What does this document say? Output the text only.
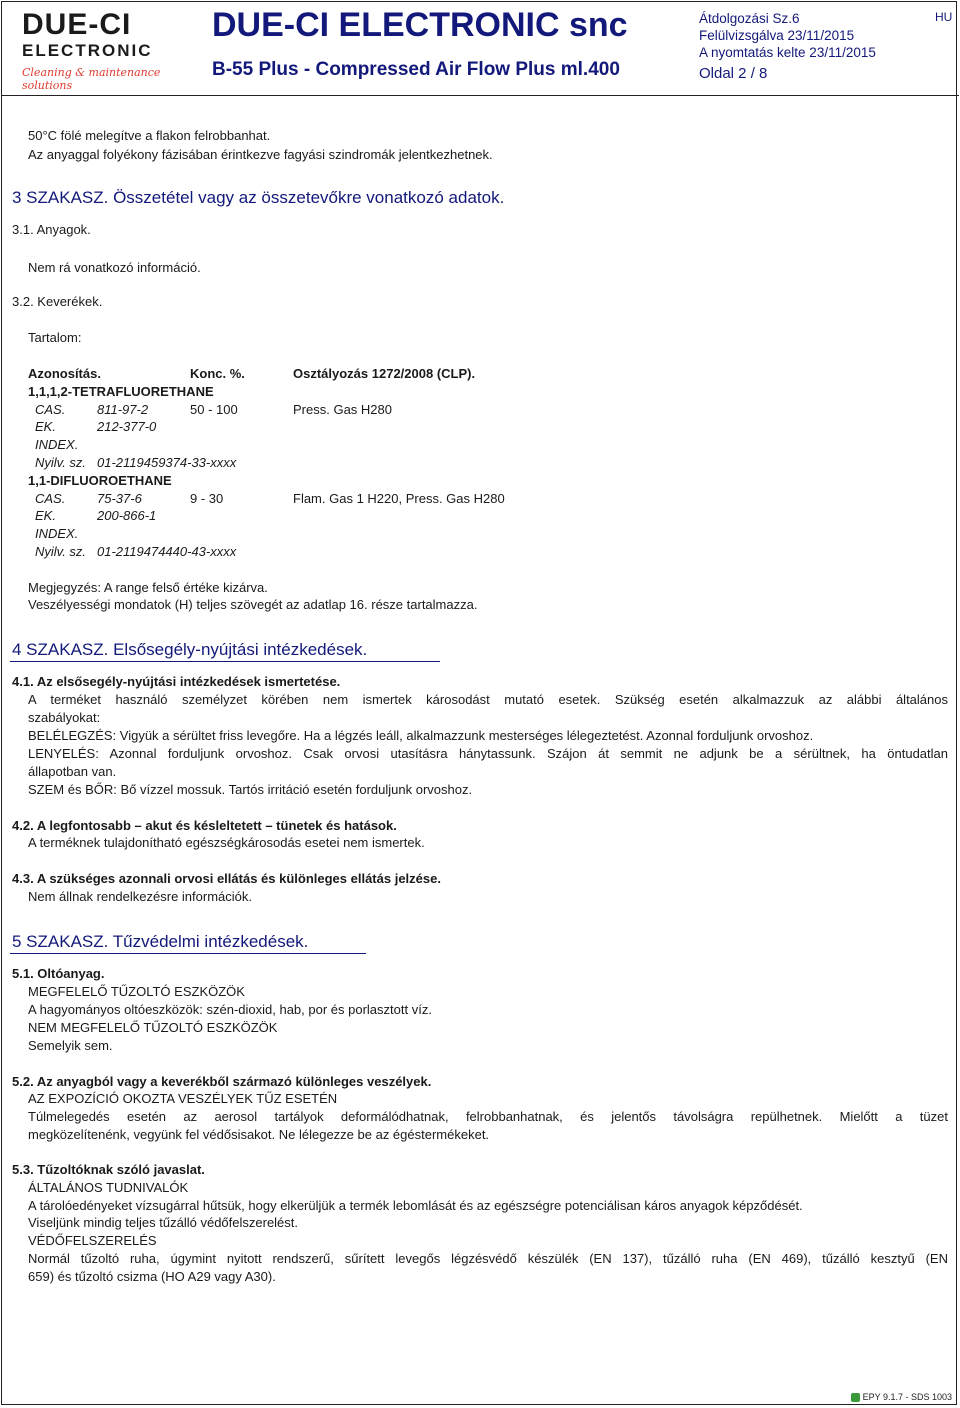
DUE-CI
ELECTRONIC
Cleaning & maintenance solutions
DUE-CI ELECTRONIC snc
B-55 Plus - Compressed Air Flow Plus ml.400
Átdolgozási Sz.6
Felülvizsgálva 23/11/2015
A nyomtatás kelte 23/11/2015
Oldal 2 / 8
HU
50°C fölé melegítve a flakon felrobbanhat.
Az anyaggal folyékony fázisában érintkezve fagyási szindromák jelentkezhetnek.
3 SZAKASZ. Összetétel vagy az összetevőkre vonatkozó adatok.
3.1. Anyagok.
Nem rá vonatkozó információ.
3.2. Keverékek.
Tartalom:
Azonosítás.	Konc. %.	Osztályozás 1272/2008 (CLP).
1,1,1,2-TETRAFLUORETHANE
CAS. 811-97-2	50 - 100	Press. Gas H280
EK.	212-377-0
INDEX.
Nyilv. sz. 01-2119459374-33-xxxx
1,1-DIFLUOROETHANE
CAS. 75-37-6	9 - 30	Flam. Gas 1 H220, Press. Gas H280
EK.	200-866-1
INDEX.
Nyilv. sz. 01-2119474440-43-xxxx
Megjegyzés: A range felső értéke kizárva.
Veszélyességi mondatok (H) teljes szövegét az adatlap 16. része tartalmazza.
4 SZAKASZ. Elsősegély-nyújtási intézkedések.
4.1. Az elsősegély-nyújtási intézkedések ismertetése.
A terméket használó személyzet körében nem ismertek károsodást mutató esetek. Szükség esetén alkalmazzuk az alábbi általános
szabályokat:
BELÉLEGZÉS: Vigyük a sérültet friss levegőre. Ha a légzés leáll, alkalmazzunk mesterséges lélegeztetést. Azonnal forduljunk orvoshoz.
LENYELÉS: Azonnal forduljunk orvoshoz. Csak orvosi utasításra hánytassunk. Szájon át semmit ne adjunk be a sérültnek, ha öntudatlan
állapotban van.
SZEM és BŐR: Bő vízzel mossuk. Tartós irritáció esetén forduljunk orvoshoz.
4.2. A legfontosabb – akut és késleltetett – tünetek és hatások.
A terméknek tulajdonítható egészségkárosodás esetei nem ismertek.
4.3. A szükséges azonnali orvosi ellátás és különleges ellátás jelzése.
Nem állnak rendelkezésre információk.
5 SZAKASZ. Tűzvédelmi intézkedések.
5.1. Oltóanyag.
MEGFELELŐ TŰZOLTÓ ESZKÖZÖK
A hagyományos oltóeszközök: szén-dioxid, hab, por és porlasztott víz.
NEM MEGFELELŐ TŰZOLTÓ ESZKÖZÖK
Semelyik sem.
5.2. Az anyagból vagy a keverékből származó különleges veszélyek.
AZ EXPOZÍCIÓ OKOZTA VESZÉLYEK TŰZ ESETÉN
Túlmelegedés esetén az aerosol tartályok deformálódhatnak, felrobbanhatnak, és jelentős távolságra repülhetnek. Mielőtt a tüzet
megközelítenénk, vegyünk fel védősisakot. Ne lélegezze be az égéstermékeket.
5.3. Tűzoltóknak szóló javaslat.
ÁLTALÁNOS TUDNIVALÓK
A tárolóedényeket vízsugárral hűtsük, hogy elkerüljük a termék lebomlását és az egészségre potenciálisan káros anyagok képződését.
Viseljünk mindig teljes tűzálló védőfelszerelést.
VÉDŐFELSZERELÉS
Normál tűzoltó ruha, úgymint nyitott rendszerű, sűrített levegős légzésvédő készülék (EN 137), tűzálló ruha (EN 469), tűzálló kesztyű (EN
659) és tűzoltó csizma (HO A29 vagy A30).
EPY 9.1.7 - SDS 1003
